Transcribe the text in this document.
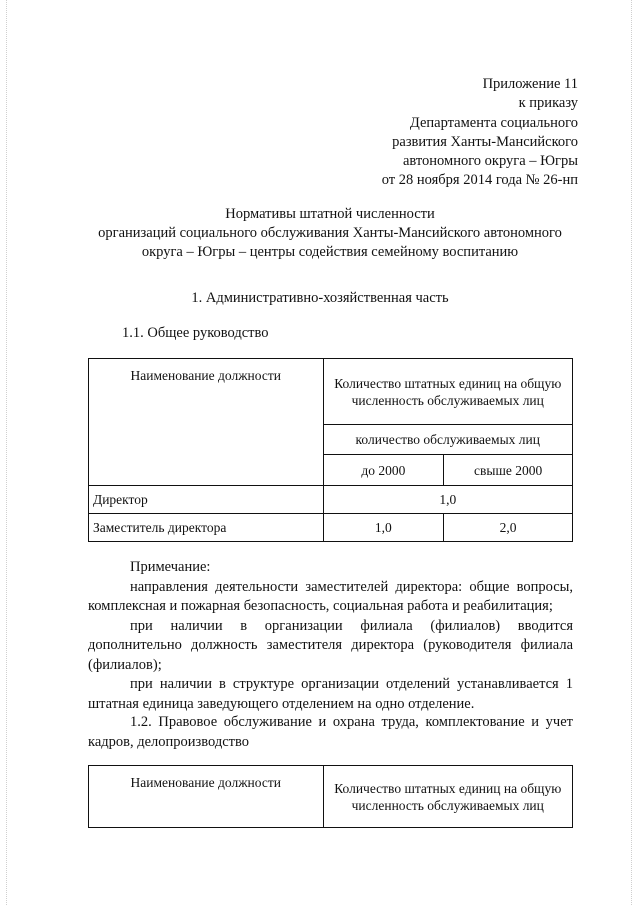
Приложение 11
к приказу
Департамента социального
развития Ханты-Мансийского
автономного округа – Югры
от 28 ноября 2014 года № 26-нп
Нормативы штатной численности
организаций социального обслуживания Ханты-Мансийского автономного
округа – Югры – центры содействия семейному воспитанию
1. Административно-хозяйственная часть
1.1. Общее руководство
Наименование должности	Количество штатных единиц на общую численность обслуживаемых лиц	
	количество обслуживаемых лиц	
	до 2000	свыше 2000
Директор	1,0	
Заместитель директора	1,0	2,0

Примечание:

направления деятельности заместителей директора: общие вопросы, комплексная и пожарная безопасность, социальная работа и реабилитация;

при наличии в организации филиала (филиалов) вводится дополнительно должность заместителя директора (руководителя филиала (филиалов);

при наличии в структуре организации отделений устанавливается 1 штатная единица заведующего отделением на одно отделение.

1.2. Правовое обслуживание и охрана труда, комплектование и учет кадров, делопроизводство

Наименование должности	Количество штатных единиц на общую численность обслуживаемых лиц
